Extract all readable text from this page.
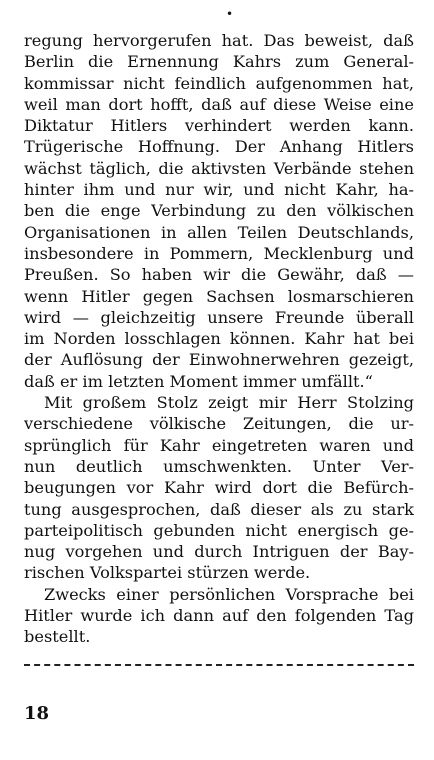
•

regung hervorgerufen hat. Das beweist, daß
Berlin die Ernennung Kahrs zum General-
kommissar nicht feindlich aufgenommen hat,
weil man dort hofft, daß auf diese Weise eine
Diktatur Hitlers verhindert werden kann.
Trügerische Hoffnung. Der Anhang Hitlers
wächst täglich, die aktivsten Verbände stehen
hinter ihm und nur wir, und nicht Kahr, ha-
ben die enge Verbindung zu den völkischen
Organisationen in allen Teilen Deutschlands,
insbesondere in Pommern, Mecklenburg und
Preußen. So haben wir die Gewähr, daß —
wenn Hitler gegen Sachsen losmarschieren
wird — gleichzeitig unsere Freunde überall
im Norden losschlagen können. Kahr hat bei
der Auflösung der Einwohnerwehren gezeigt,
daß er im letzten Moment immer umfällt.“

Mit großem Stolz zeigt mir Herr Stolzing
verschiedene völkische Zeitungen, die ur-
sprünglich für Kahr eingetreten waren und
nun deutlich umschwenkten. Unter Ver-
beugungen vor Kahr wird dort die Befürch-
tung ausgesprochen, daß dieser als zu stark
parteipolitisch gebunden nicht energisch ge-
nug vorgehen und durch Intriguen der Bay-
rischen Volkspartei stürzen werde.

Zwecks einer persönlichen Vorsprache bei
Hitler wurde ich dann auf den folgenden Tag
bestellt.

18
